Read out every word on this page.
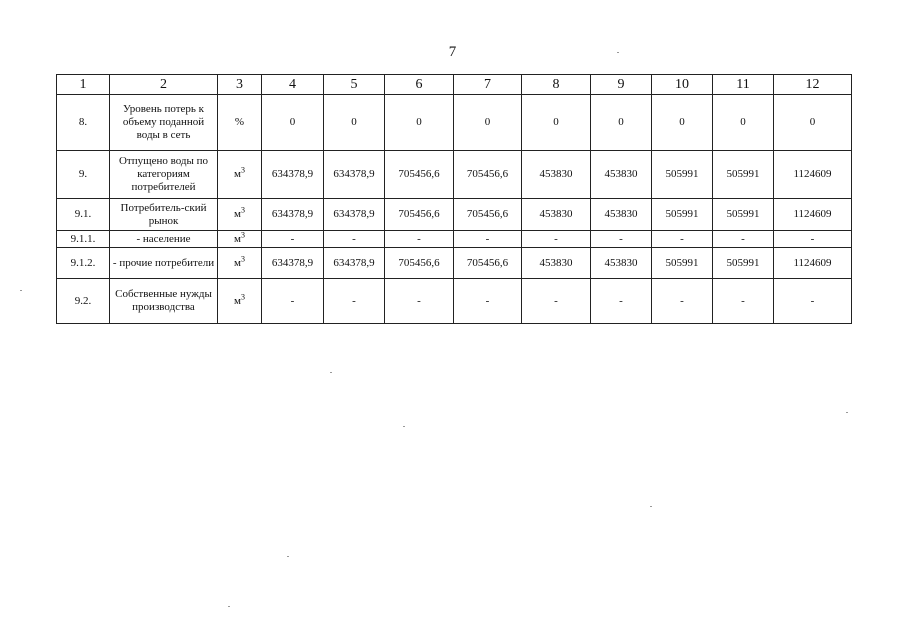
7
1	2	3	4	5	6	7	8	9	10	11	12
8.	Уровень потерь к объему поданной воды в сеть	%	0	0	0	0	0	0	0	0	0
9.	Отпущено воды по категориям потребителей	$м^3$	634378,9	634378,9	705456,6	705456,6	453830	453830	505991	505991	1124609
9.1.	Потребитель-ский рынок	$м^3$	634378,9	634378,9	705456,6	705456,6	453830	453830	505991	505991	1124609
9.1.1.	- население	$м^3$	-	-	-	-	-	-	-	-	-
9.1.2.	- прочие потребители	$м^3$	634378,9	634378,9	705456,6	705456,6	453830	453830	505991	505991	1124609
9.2.	Собственные нужды производства	$м^3$	-	-	-	-	-	-	-	-	-
